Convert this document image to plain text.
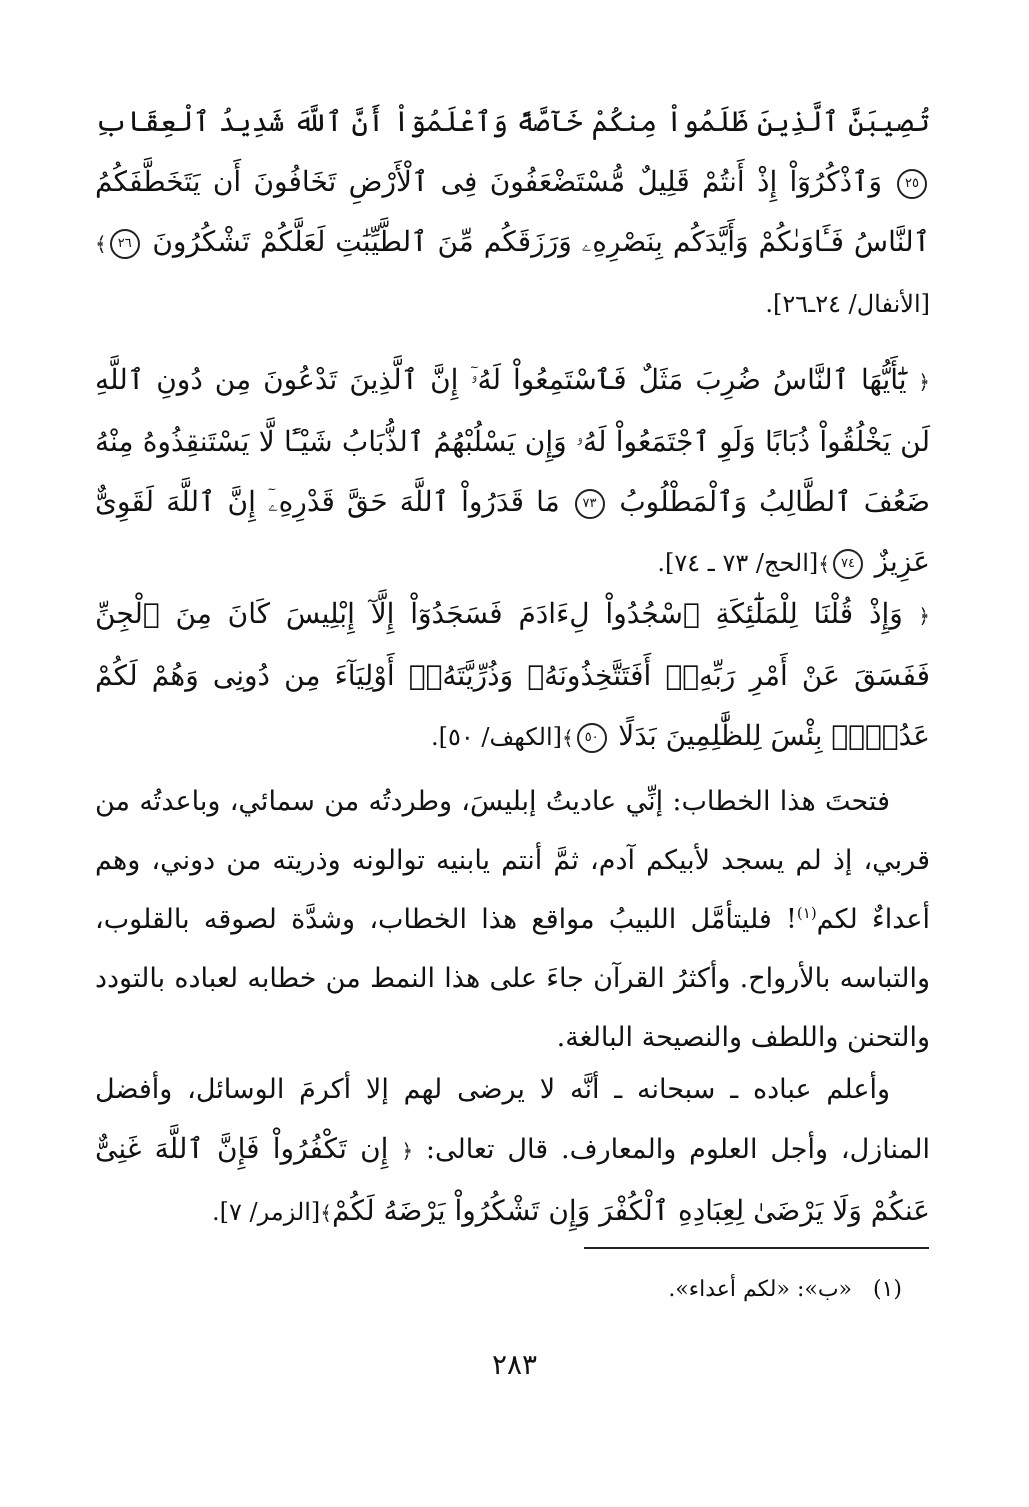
تُصِيبَنَّ ٱلَّذِينَ ظَلَمُواْ مِنكُمْ خَآصَّةً وَٱعْلَمُوٓاْ أَنَّ ٱللَّهَ شَدِيدُ ٱلْعِقَابِ ٢٥ وَٱذْكُرُوٓاْ إِذْ أَنتُمْ قَلِيلٌ مُّسْتَضْعَفُونَ فِى ٱلْأَرْضِ تَخَافُونَ أَن يَتَخَطَّفَكُمُ ٱلنَّاسُ فَـَٔاوَىٰكُمْ وَأَيَّدَكُم بِنَصْرِهِۦ وَرَزَقَكُم مِّنَ ٱلطَّيِّبَٰتِ لَعَلَّكُمْ تَشْكُرُونَ ٢٦﴾[الأنفال/ ٢٤ـ٢٦].

﴿ يَٰٓأَيُّهَا ٱلنَّاسُ ضُرِبَ مَثَلٌ فَٱسْتَمِعُواْ لَهُۥٓ إِنَّ ٱلَّذِينَ تَدْعُونَ مِن دُونِ ٱللَّهِ لَن يَخْلُقُواْ ذُبَابًا وَلَوِ ٱجْتَمَعُواْ لَهُۥ وَإِن يَسْلُبْهُمُ ٱلذُّبَابُ شَيْـًٔا لَّا يَسْتَنقِذُوهُ مِنْهُ ضَعُفَ ٱلطَّالِبُ وَٱلْمَطْلُوبُ ٧٣ مَا قَدَرُواْ ٱللَّهَ حَقَّ قَدْرِهِۦٓ إِنَّ ٱللَّهَ لَقَوِىٌّ عَزِيزٌ ٧٤﴾[الحج/ ٧٣ ـ ٧٤].

﴿ وَإِذْ قُلْنَا لِلْمَلَٰٓئِكَةِ ٱسْجُدُواْ لِءَادَمَ فَسَجَدُوٓاْ إِلَّآ إِبْلِيسَ كَانَ مِنَ ٱلْجِنِّ فَفَسَقَ عَنْ أَمْرِ رَبِّهِۦٓ أَفَتَتَّخِذُونَهُۥ وَذُرِّيَّتَهُۥٓ أَوْلِيَآءَ مِن دُونِى وَهُمْ لَكُمْ عَدُوٌّۢ بِئْسَ لِلظَّٰلِمِينَ بَدَلًا ٥٠﴾[الكهف/ ٥٠].

فتحتَ هذا الخطاب: إنِّي عاديتُ إبليسَ، وطردتُه من سمائي، وباعدتُه من قربي، إذ لم يسجد لأبيكم آدم، ثمَّ أنتم يابنيه توالونه وذريته من دوني، وهم أعداءٌ لكم$^{(١)}$! فليتأمَّل اللبيبُ مواقع هذا الخطاب، وشدَّة لصوقه بالقلوب، والتباسه بالأرواح. وأكثرُ القرآن جاءَ على هذا النمط من خطابه لعباده بالتودد والتحنن واللطف والنصيحة البالغة.

وأعلم عباده ـ سبحانه ـ أنَّه لا يرضى لهم إلا أكرمَ الوسائل، وأفضل المنازل، وأجل العلوم والمعارف. قال تعالى: ﴿ إِن تَكْفُرُواْ فَإِنَّ ٱللَّهَ غَنِىٌّ عَنكُمْ وَلَا يَرْضَىٰ لِعِبَادِهِ ٱلْكُفْرَ وَإِن تَشْكُرُواْ يَرْضَهُ لَكُمْ﴾[الزمر/ ٧].

(١)   «ب»: «لكم أعداء».
٢٨٣
